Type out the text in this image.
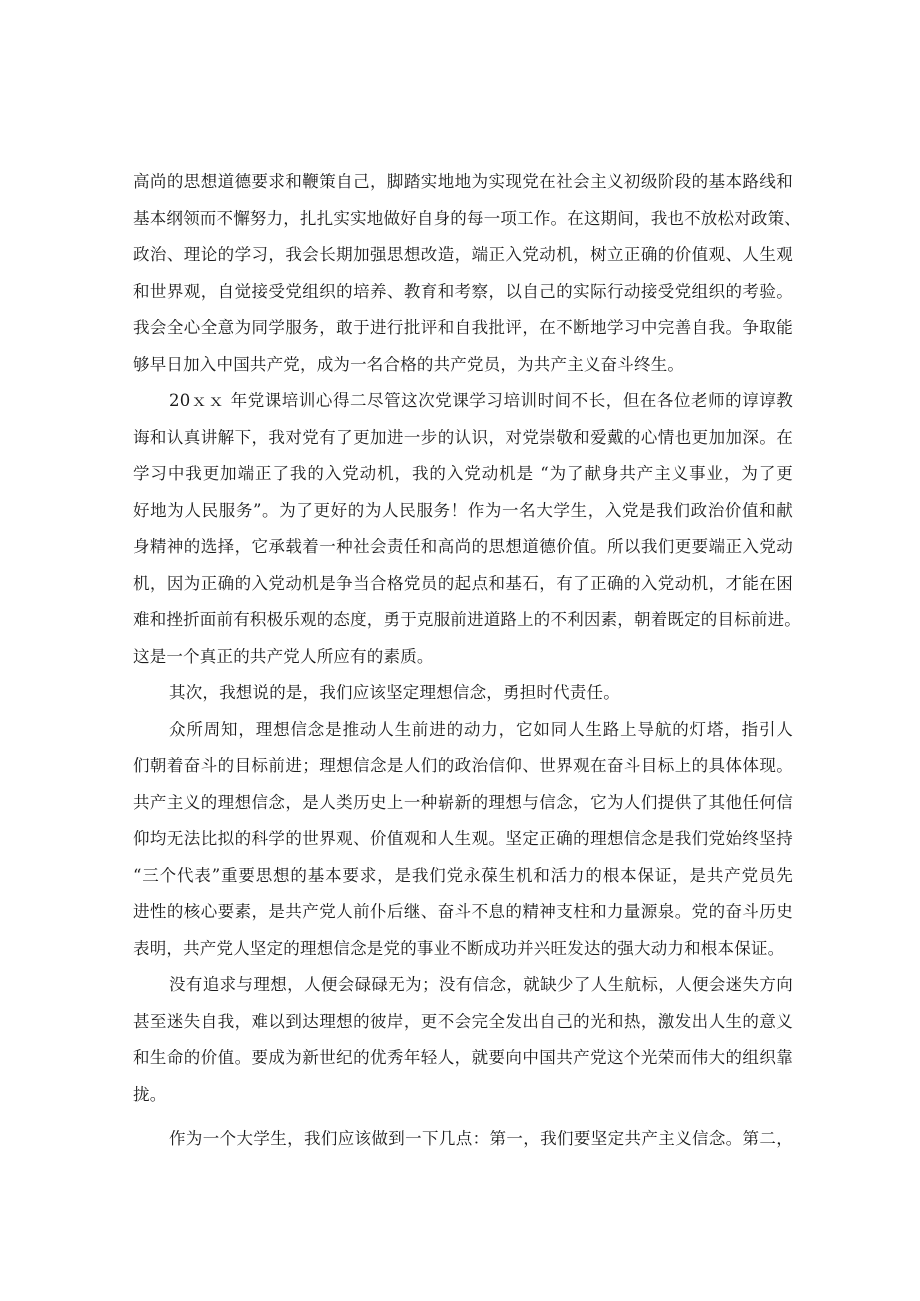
高尚的思想道德要求和鞭策自己，脚踏实地地为实现党在社会主义初级阶段的基本路线和
基本纲领而不懈努力，扎扎实实地做好自身的每一项工作。在这期间，我也不放松对政策、
政治、理论的学习，我会长期加强思想改造，端正入党动机，树立正确的价值观、人生观
和世界观，自觉接受党组织的培养、教育和考察，以自己的实际行动接受党组织的考验。
我会全心全意为同学服务，敢于进行批评和自我批评，在不断地学习中完善自我。争取能
够早日加入中国共产党，成为一名合格的共产党员，为共产主义奋斗终生。
20ｘｘ 年党课培训心得二尽管这次党课学习培训时间不长，但在各位老师的谆谆教
诲和认真讲解下，我对党有了更加进一步的认识，对党崇敬和爱戴的心情也更加加深。在
学习中我更加端正了我的入党动机，我的入党动机是 “为了献身共产主义事业，为了更
好地为人民服务”。为了更好的为人民服务！作为一名大学生，入党是我们政治价值和献
身精神的选择，它承载着一种社会责任和高尚的思想道德价值。所以我们更要端正入党动
机，因为正确的入党动机是争当合格党员的起点和基石，有了正确的入党动机，才能在困
难和挫折面前有积极乐观的态度，勇于克服前进道路上的不利因素，朝着既定的目标前进。
这是一个真正的共产党人所应有的素质。
其次，我想说的是，我们应该坚定理想信念，勇担时代责任。
众所周知，理想信念是推动人生前进的动力，它如同人生路上导航的灯塔，指引人
们朝着奋斗的目标前进；理想信念是人们的政治信仰、世界观在奋斗目标上的具体体现。
共产主义的理想信念，是人类历史上一种崭新的理想与信念，它为人们提供了其他任何信
仰均无法比拟的科学的世界观、价值观和人生观。坚定正确的理想信念是我们党始终坚持
“三个代表”重要思想的基本要求，是我们党永葆生机和活力的根本保证，是共产党员先
进性的核心要素，是共产党人前仆后继、奋斗不息的精神支柱和力量源泉。党的奋斗历史
表明，共产党人坚定的理想信念是党的事业不断成功并兴旺发达的强大动力和根本保证。
没有追求与理想，人便会碌碌无为；没有信念，就缺少了人生航标，人便会迷失方向
甚至迷失自我，难以到达理想的彼岸，更不会完全发出自己的光和热，激发出人生的意义
和生命的价值。要成为新世纪的优秀年轻人，就要向中国共产党这个光荣而伟大的组织靠
拢。
作为一个大学生，我们应该做到一下几点：第一，我们要坚定共产主义信念。第二，
